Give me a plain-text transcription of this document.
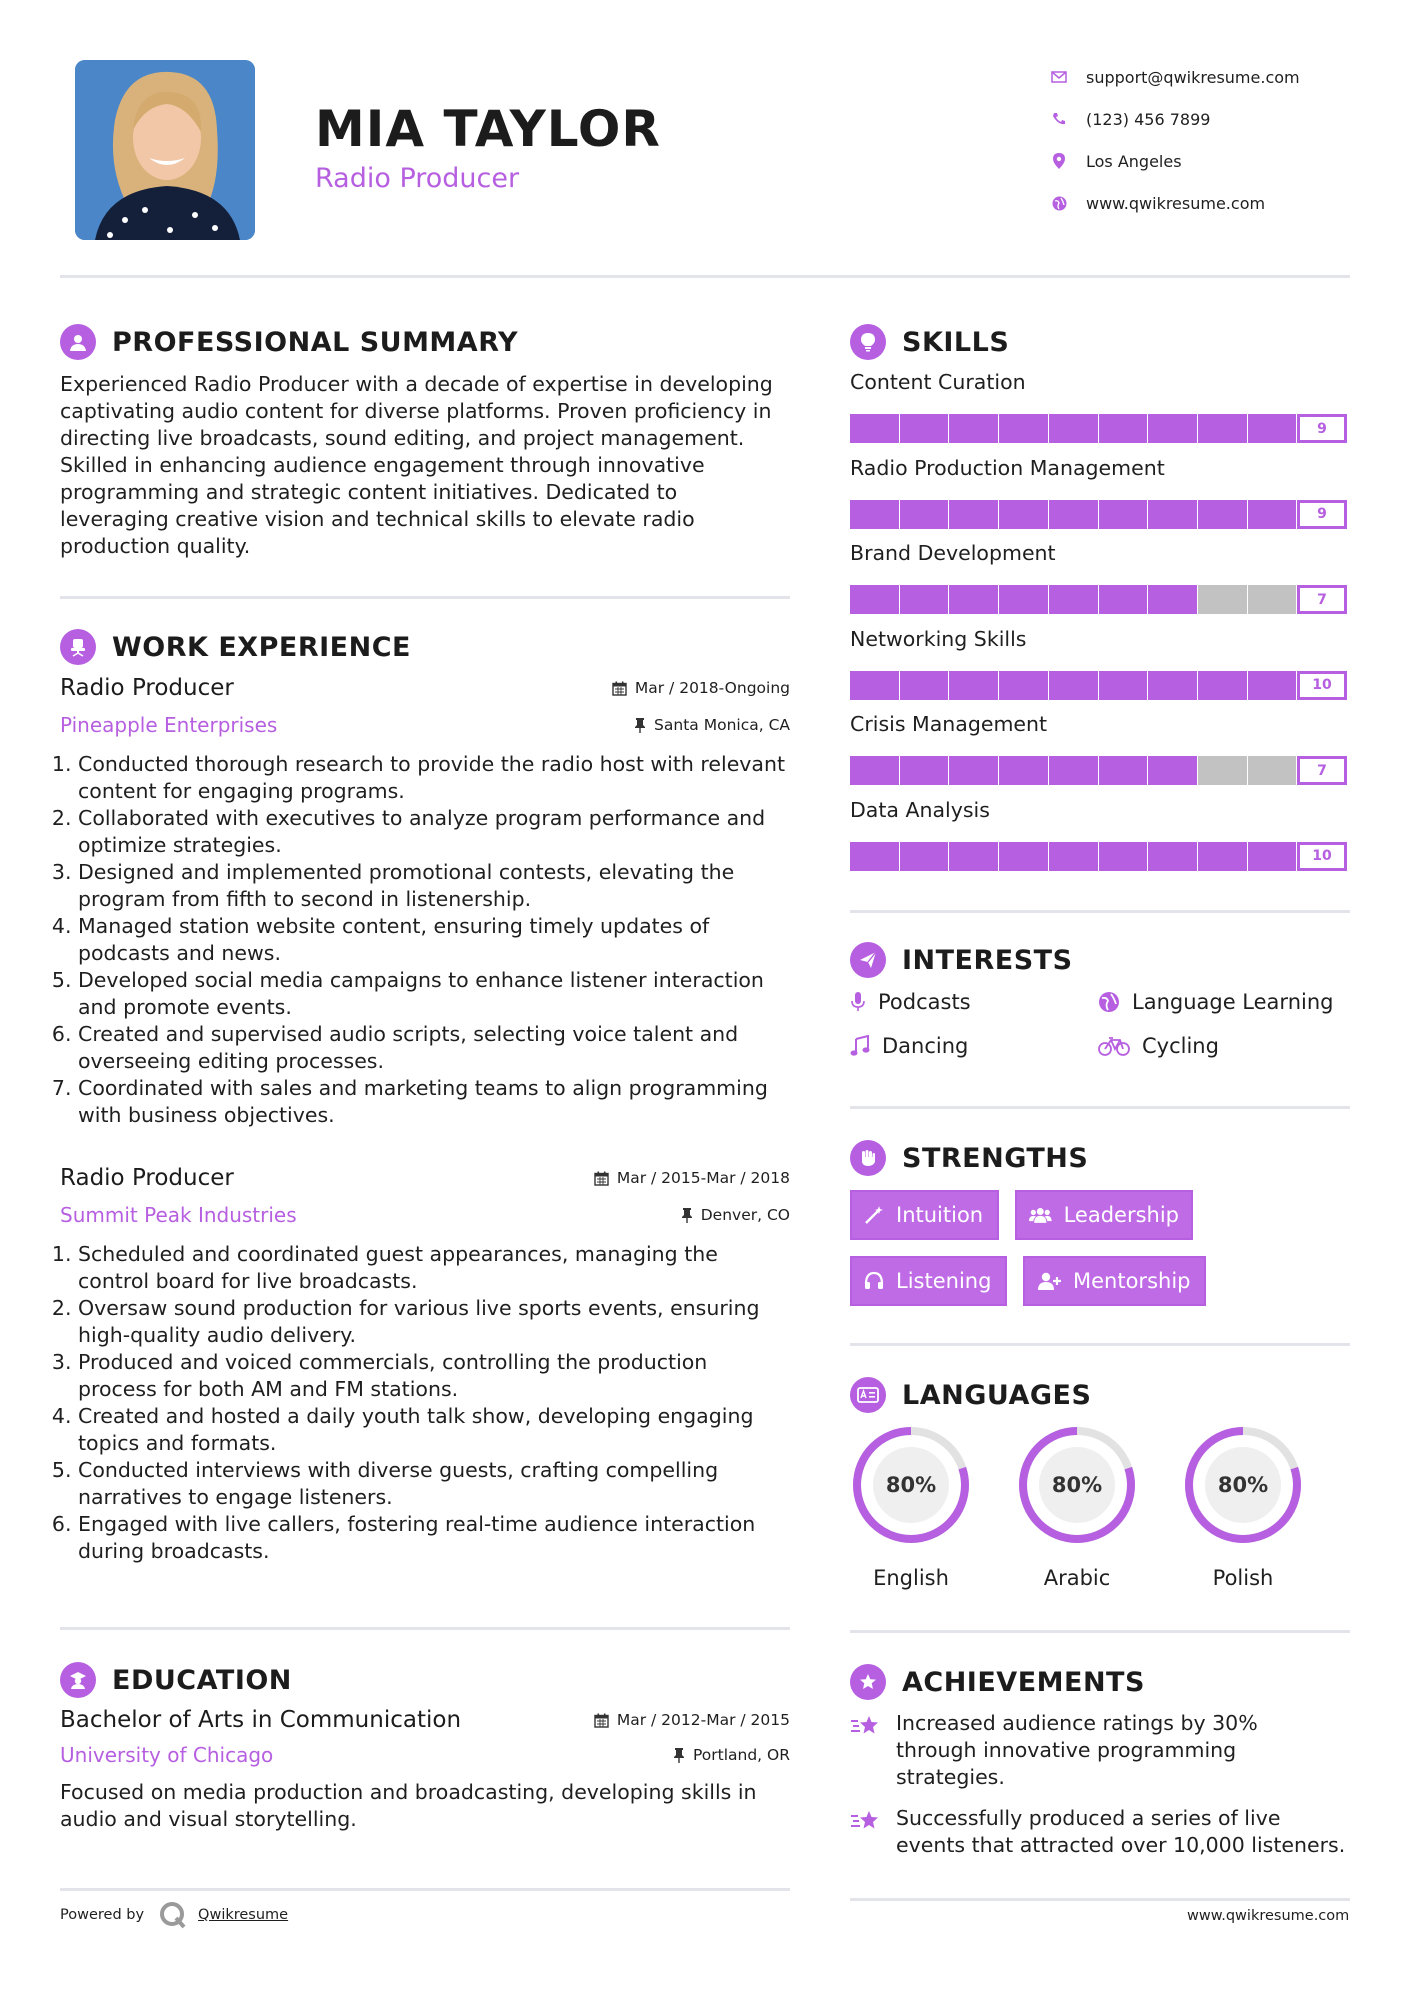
MIA TAYLOR
Radio Producer
support@qwikresume.com
(123) 456 7899
Los Angeles
www.qwikresume.com
PROFESSIONAL SUMMARY
Experienced Radio Producer with a decade of expertise in developing
captivating audio content for diverse platforms. Proven proficiency in
directing live broadcasts, sound editing, and project management.
Skilled in enhancing audience engagement through innovative
programming and strategic content initiatives. Dedicated to
leveraging creative vision and technical skills to elevate radio
production quality.
WORK EXPERIENCE
Radio Producer	Mar / 2018-Ongoing
Pineapple Enterprises	Santa Monica, CA
1. Conducted thorough research to provide the radio host with relevant content for engaging programs.
2. Collaborated with executives to analyze program performance and optimize strategies.
3. Designed and implemented promotional contests, elevating the program from fifth to second in listenership.
4. Managed station website content, ensuring timely updates of podcasts and news.
5. Developed social media campaigns to enhance listener interaction and promote events.
6. Created and supervised audio scripts, selecting voice talent and overseeing editing processes.
7. Coordinated with sales and marketing teams to align programming with business objectives.
Radio Producer	Mar / 2015-Mar / 2018
Summit Peak Industries	Denver, CO
1. Scheduled and coordinated guest appearances, managing the control board for live broadcasts.
2. Oversaw sound production for various live sports events, ensuring high-quality audio delivery.
3. Produced and voiced commercials, controlling the production process for both AM and FM stations.
4. Created and hosted a daily youth talk show, developing engaging topics and formats.
5. Conducted interviews with diverse guests, crafting compelling narratives to engage listeners.
6. Engaged with live callers, fostering real-time audience interaction during broadcasts.
EDUCATION
Bachelor of Arts in Communication	Mar / 2012-Mar / 2015
University of Chicago	Portland, OR
Focused on media production and broadcasting, developing skills in
audio and visual storytelling.
Powered by	Qwikresume
SKILLS
Content Curation
9
Radio Production Management
9
Brand Development
7
Networking Skills
10
Crisis Management
7
Data Analysis
10
INTERESTS
Podcasts	Language Learning
Dancing	Cycling
STRENGTHS
Intuition	Leadership
Listening	Mentorship
LANGUAGES
80%
English
80%
Arabic
80%
Polish
ACHIEVEMENTS
Increased audience ratings by 30%
through innovative programming
strategies.
Successfully produced a series of live
events that attracted over 10,000 listeners.
www.qwikresume.com
